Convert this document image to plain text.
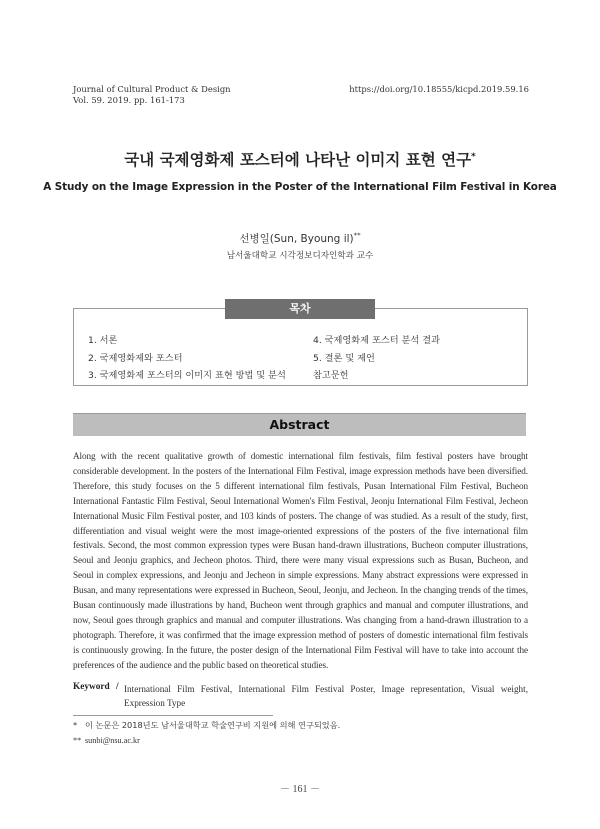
Journal of Cultural Product & Design
Vol. 59. 2019. pp. 161-173
https://doi.org/10.18555/kicpd.2019.59.16
국내 국제영화제 포스터에 나타난 이미지 표현 연구*
A Study on the Image Expression in the Poster of the International Film Festival in Korea
선병일(Sun, Byoung il)**
남서울대학교 시각정보디자인학과 교수
1. 서론
2. 국제영화제와 포스터
3. 국제영화제 포스터의 이미지 표현 방법 및 분석
4. 국제영화제 포스터 분석 결과
5. 결론 및 제언
참고문헌
목차
Abstract
Along with the recent qualitative growth of domestic international film festivals, film festival posters have brought considerable development. In the posters of the International Film Festival, image expression methods have been diversified. Therefore, this study focuses on the 5 different international film festivals, Pusan International Film Festival, Bucheon International Fantastic Film Festival, Seoul International Women's Film Festival, Jeonju International Film Festival, Jecheon International Music Film Festival poster, and 103 kinds of posters. The change of was studied. As a result of the study, first, differentiation and visual weight were the most image-oriented expressions of the posters of the five international film festivals. Second, the most common expression types were Busan hand-drawn illustrations, Bucheon computer illustrations, Seoul and Jeonju graphics, and Jecheon photos. Third, there were many visual expressions such as Busan, Bucheon, and Seoul in complex expressions, and Jeonju and Jecheon in simple expressions. Many abstract expressions were expressed in Busan, and many representations were expressed in Bucheon, Seoul, Jeonju, and Jecheon. In the changing trends of the times, Busan continuously made illustrations by hand, Bucheon went through graphics and manual and computer illustrations, and now, Seoul goes through graphics and manual and computer illustrations. Was changing from a hand-drawn illustration to a photograph. Therefore, it was confirmed that the image expression method of posters of domestic international film festivals is continuously growing. In the future, the poster design of the International Film Festival will have to take into account the preferences of the audience and the public based on theoretical studies.
Keyword / International Film Festival, International Film Festival Poster, Image representation, Visual weight, Expression Type
* 이 논문은 2018년도 남서울대학교 학술연구비 지원에 의해 연구되었음.
** sunbi@nsu.ac.kr
－ 161 －
